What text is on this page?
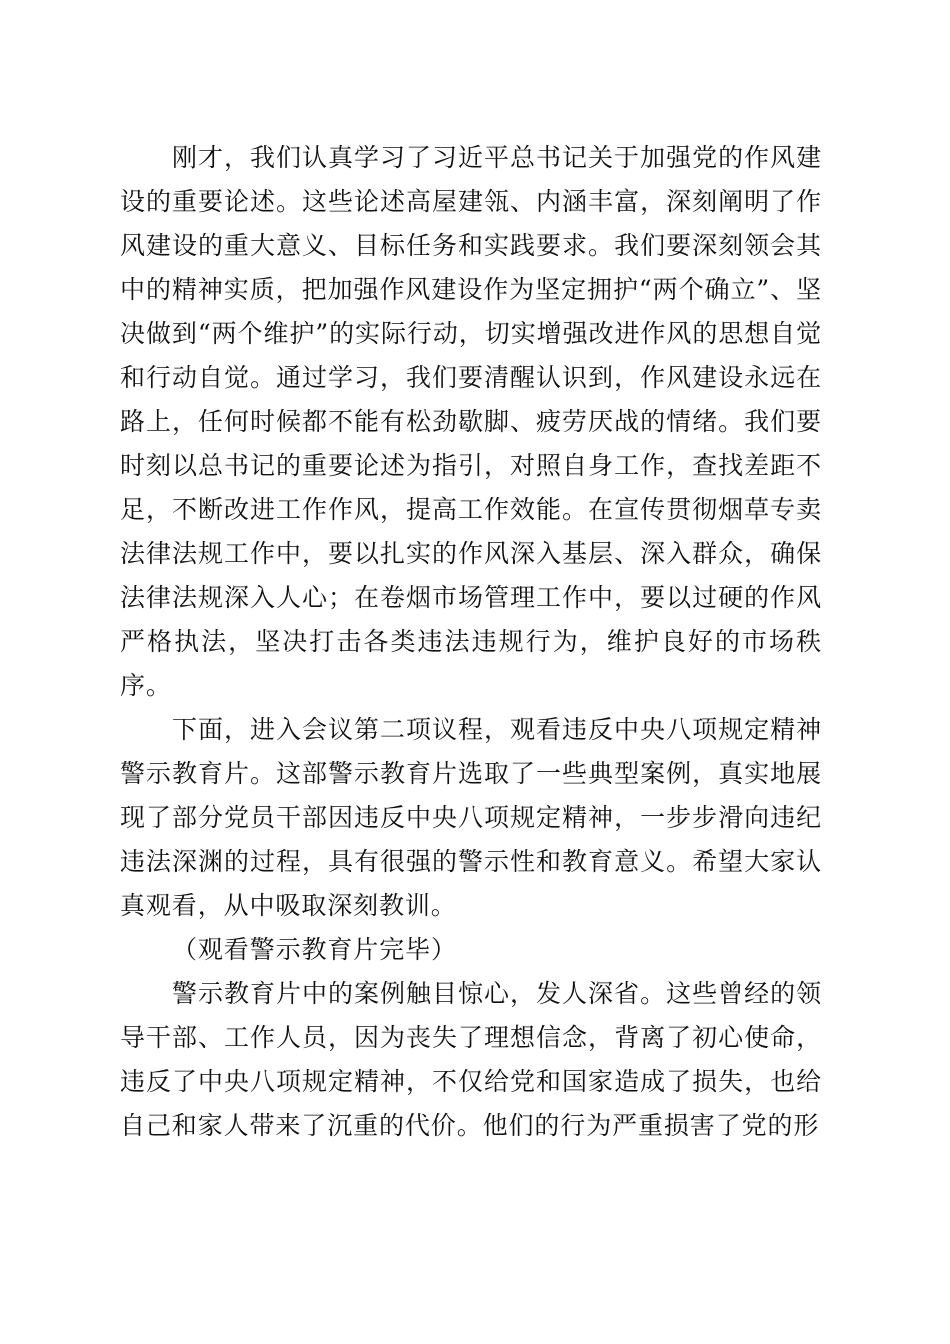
刚才，我们认真学习了习近平总书记关于加强党的作风建设的重要论述。这些论述高屋建瓴、内涵丰富，深刻阐明了作风建设的重大意义、目标任务和实践要求。我们要深刻领会其中的精神实质，把加强作风建设作为坚定拥护“两个确立”、坚决做到“两个维护”的实际行动，切实增强改进作风的思想自觉和行动自觉。通过学习，我们要清醒认识到，作风建设永远在路上，任何时候都不能有松劲歇脚、疲劳厌战的情绪。我们要时刻以总书记的重要论述为指引，对照自身工作，查找差距不足，不断改进工作作风，提高工作效能。在宣传贯彻烟草专卖法律法规工作中，要以扎实的作风深入基层、深入群众，确保法律法规深入人心；在卷烟市场管理工作中，要以过硬的作风严格执法，坚决打击各类违法违规行为，维护良好的市场秩序。

下面，进入会议第二项议程，观看违反中央八项规定精神警示教育片。这部警示教育片选取了一些典型案例，真实地展现了部分党员干部因违反中央八项规定精神，一步步滑向违纪违法深渊的过程，具有很强的警示性和教育意义。希望大家认真观看，从中吸取深刻教训。

（观看警示教育片完毕）

警示教育片中的案例触目惊心，发人深省。这些曾经的领导干部、工作人员，因为丧失了理想信念，背离了初心使命，违反了中央八项规定精神，不仅给党和国家造成了损失，也给自己和家人带来了沉重的代价。他们的行为严重损害了党的形
